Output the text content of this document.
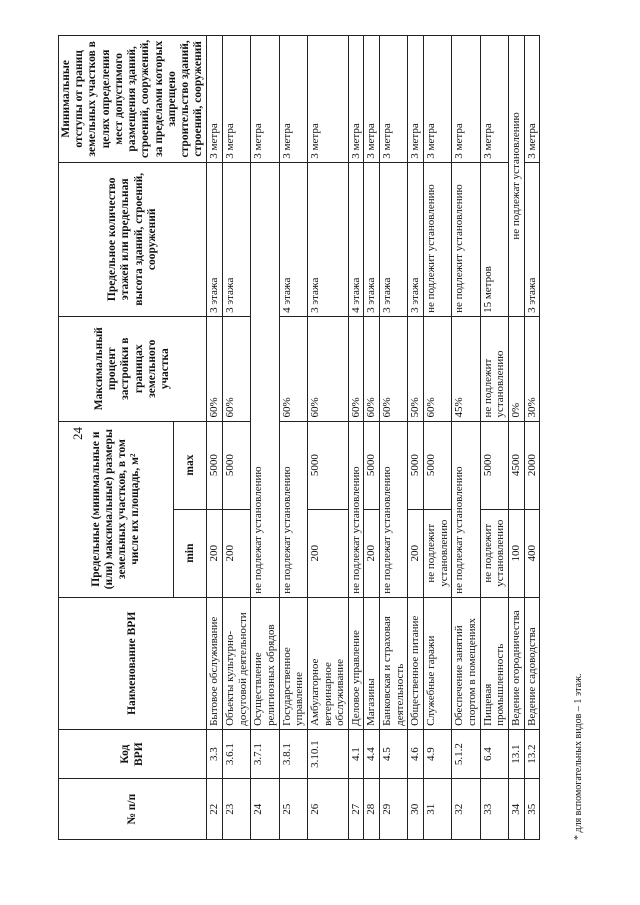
24
№ п/п	Код ВРИ	Наименование ВРИ	Предельные (минимальные и (или) максимальные) размеры земельных участков, в том числе их площадь, м²		Максимальный процент застройки в границах земельного участка	Предельное количество этажей или предельная высота зданий, строений, сооружений	Минимальные отступы от границ земельных участков в целях определения мест допустимого размещения зданий, строений, сооружений, за пределами которых запрещено строительство зданий, строений, сооружений
			min	max			
22	3.3	Бытовое обслуживание	200	5000	60%	3 этажа	3 метра
23	3.6.1	Объекты культурно-досуговой деятельности	200	5000	60%	3 этажа	3 метра
24	3.7.1	Осуществление религиозных обрядов	не подлежат установлению				3 метра
25	3.8.1	Государственное управление	не подлежат установлению		60%	4 этажа	3 метра
26	3.10.1	Амбулаторное ветеринарное обслуживание	200	5000	60%	3 этажа	3 метра
27	4.1	Деловое управление	не подлежат установлению		60%	4 этажа	3 метра
28	4.4	Магазины	200	5000	60%	3 этажа	3 метра
29	4.5	Банковская и страховая деятельность	не подлежат установлению		60%	3 этажа	3 метра
30	4.6	Общественное питание	200	5000	50%	3 этажа	3 метра
31	4.9	Служебные гаражи	не подлежит установлению	5000	60%	не подлежит установлению	3 метра
32	5.1.2	Обеспечение занятий спортом в помещениях	не подлежат установлению		45%	не подлежит установлению	3 метра
33	6.4	Пищевая промышленность	не подлежит установлению	5000	не подлежит установлению	15 метров	3 метра
34	13.1	Ведение огородничества	100	4500	0%	не подлежат установлению	
35	13.2	Ведение садоводства	400	2000	30%	3 этажа	3 метра
* для вспомогательных видов – 1 этаж.
